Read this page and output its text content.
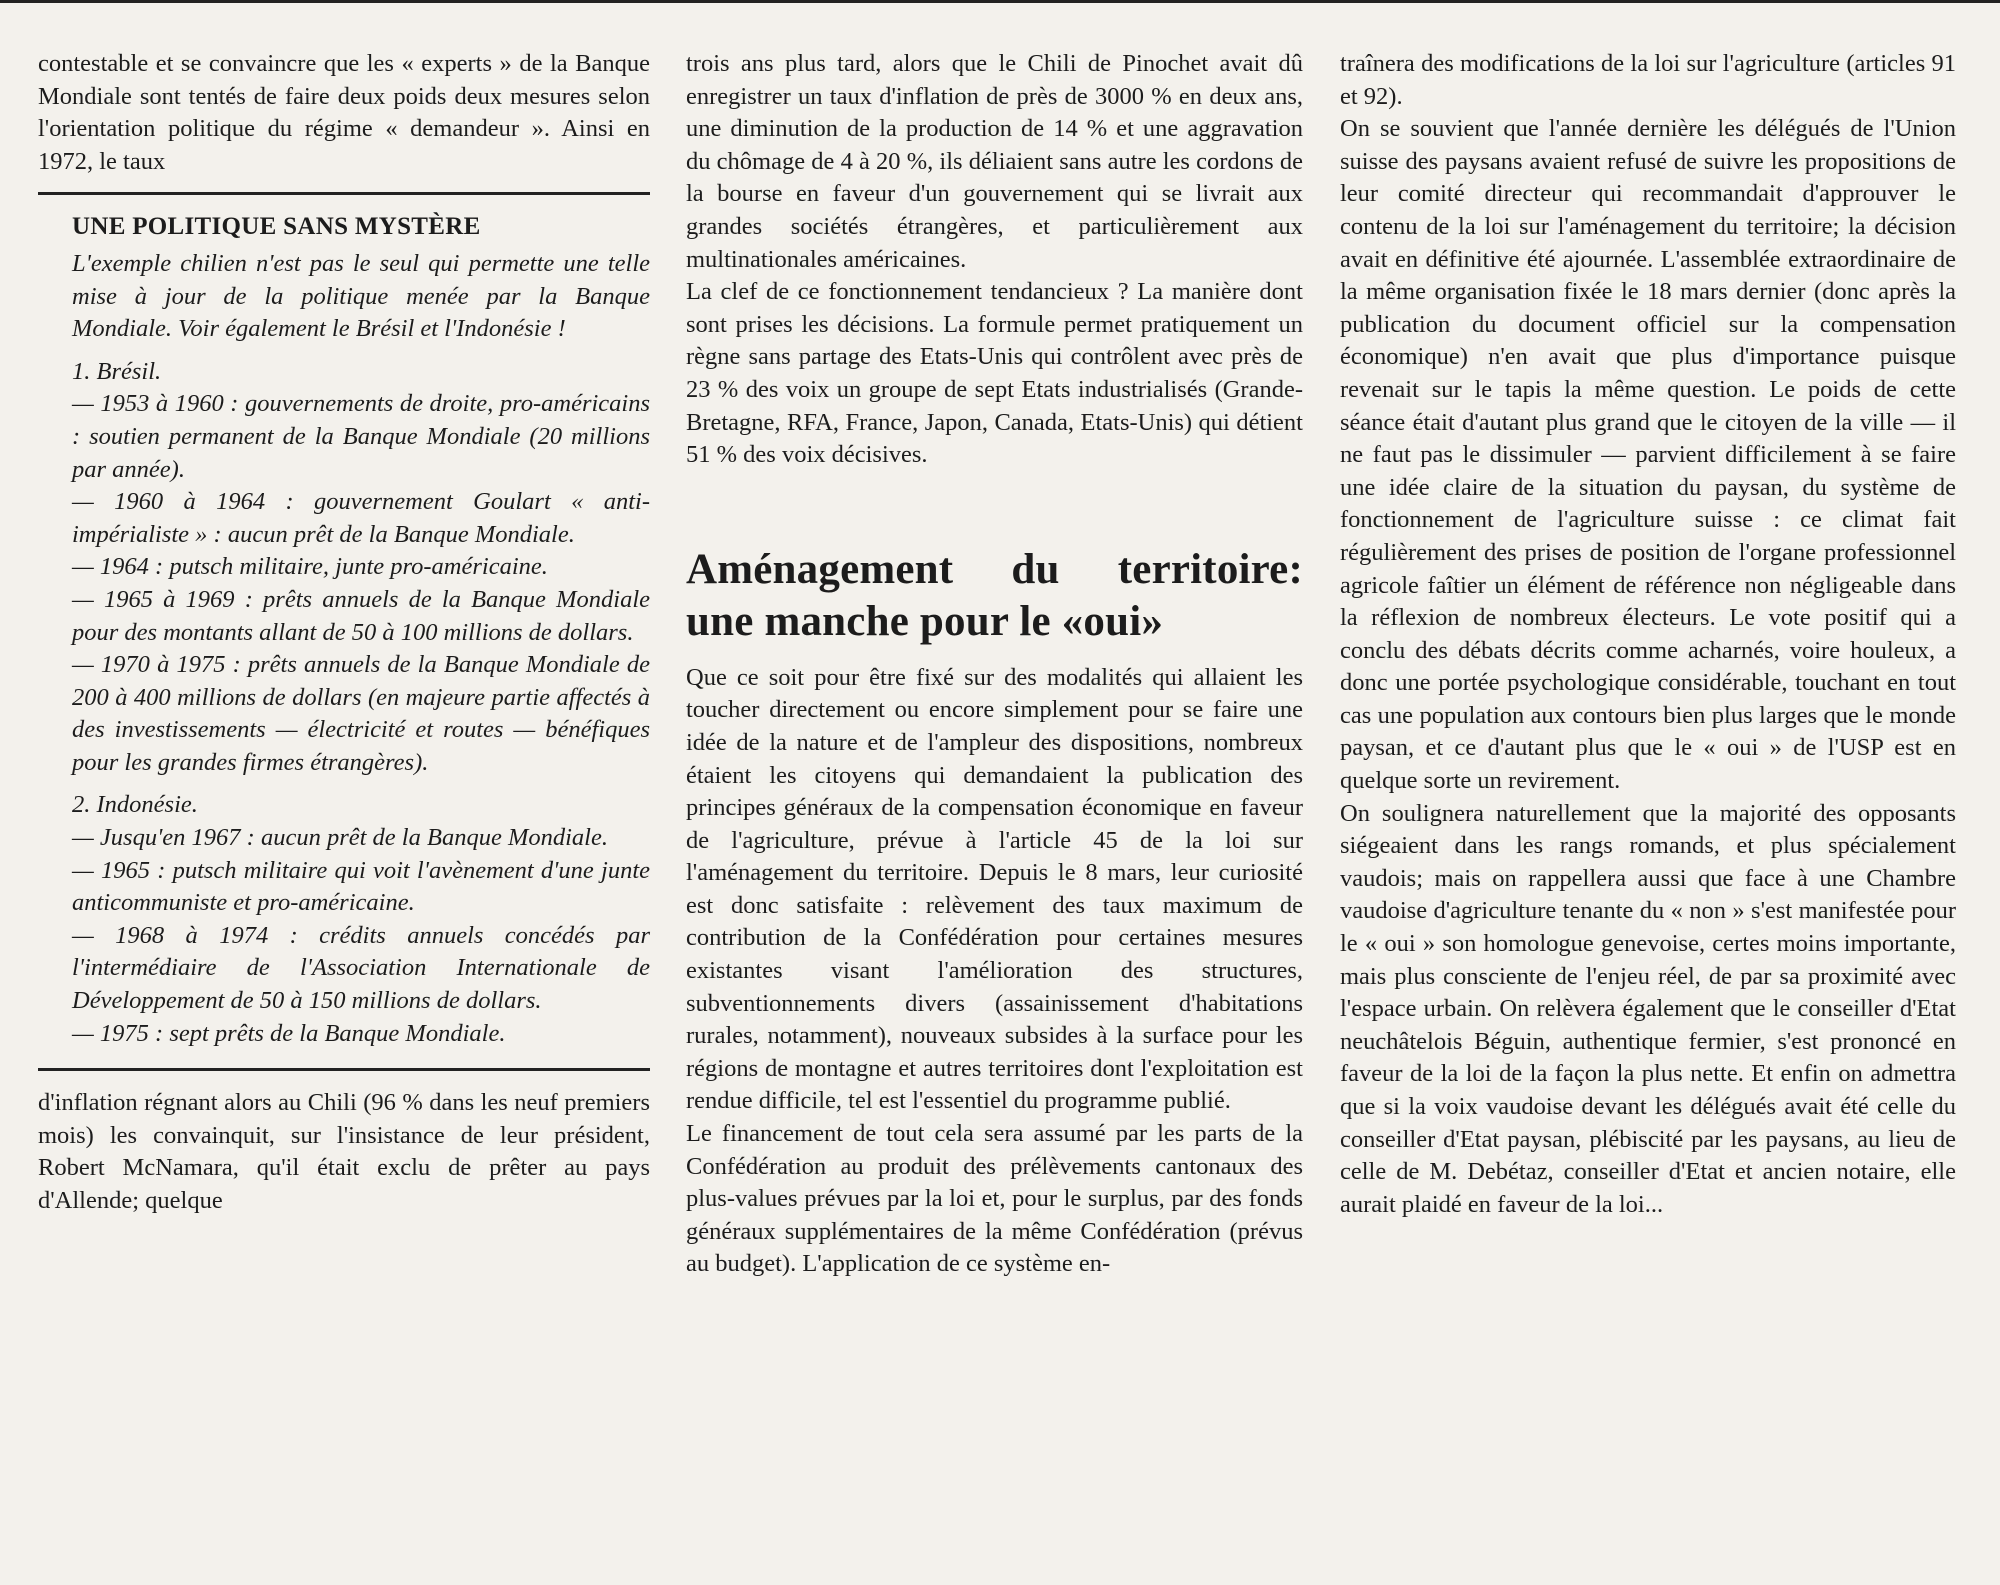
contestable et se convaincre que les « experts » de la Banque Mondiale sont tentés de faire deux poids deux mesures selon l'orientation politique du régime « demandeur ». Ainsi en 1972, le taux

UNE POLITIQUE SANS MYSTÈRE

L'exemple chilien n'est pas le seul qui permette une telle mise à jour de la politique menée par la Banque Mondiale. Voir également le Brésil et l'Indonésie !

1. Brésil.

— 1953 à 1960 : gouvernements de droite, pro-américains : soutien permanent de la Banque Mondiale (20 millions par année).

— 1960 à 1964 : gouvernement Goulart « anti-impérialiste » : aucun prêt de la Banque Mondiale.

— 1964 : putsch militaire, junte pro-américaine.

— 1965 à 1969 : prêts annuels de la Banque Mondiale pour des montants allant de 50 à 100 millions de dollars.

— 1970 à 1975 : prêts annuels de la Banque Mondiale de 200 à 400 millions de dollars (en majeure partie affectés à des investissements — électricité et routes — bénéfiques pour les grandes firmes étrangères).

2. Indonésie.

— Jusqu'en 1967 : aucun prêt de la Banque Mondiale.

— 1965 : putsch militaire qui voit l'avènement d'une junte anticommuniste et pro-américaine.

— 1968 à 1974 : crédits annuels concédés par l'intermédiaire de l'Association Internationale de Développement de 50 à 150 millions de dollars.

— 1975 : sept prêts de la Banque Mondiale.

d'inflation régnant alors au Chili (96 % dans les neuf premiers mois) les convainquit, sur l'insistance de leur président, Robert McNamara, qu'il était exclu de prêter au pays d'Allende; quelque

trois ans plus tard, alors que le Chili de Pinochet avait dû enregistrer un taux d'inflation de près de 3000 % en deux ans, une diminution de la production de 14 % et une aggravation du chômage de 4 à 20 %, ils déliaient sans autre les cordons de la bourse en faveur d'un gouvernement qui se livrait aux grandes sociétés étrangères, et particulièrement aux multinationales américaines.

La clef de ce fonctionnement tendancieux ? La manière dont sont prises les décisions. La formule permet pratiquement un règne sans partage des Etats-Unis qui contrôlent avec près de 23 % des voix un groupe de sept Etats industrialisés (Grande-Bretagne, RFA, France, Japon, Canada, Etats-Unis) qui détient 51 % des voix décisives.

Aménagement du territoire:
une manche pour le «oui»

Que ce soit pour être fixé sur des modalités qui allaient les toucher directement ou encore simplement pour se faire une idée de la nature et de l'ampleur des dispositions, nombreux étaient les citoyens qui demandaient la publication des principes généraux de la compensation économique en faveur de l'agriculture, prévue à l'article 45 de la loi sur l'aménagement du territoire. Depuis le 8 mars, leur curiosité est donc satisfaite : relèvement des taux maximum de contribution de la Confédération pour certaines mesures existantes visant l'amélioration des structures, subventionnements divers (assainissement d'habitations rurales, notamment), nouveaux subsides à la surface pour les régions de montagne et autres territoires dont l'exploitation est rendue difficile, tel est l'essentiel du programme publié.

Le financement de tout cela sera assumé par les parts de la Confédération au produit des prélèvements cantonaux des plus-values prévues par la loi et, pour le surplus, par des fonds généraux supplémentaires de la même Confédération (prévus au budget). L'application de ce système en-

traînera des modifications de la loi sur l'agriculture (articles 91 et 92).

On se souvient que l'année dernière les délégués de l'Union suisse des paysans avaient refusé de suivre les propositions de leur comité directeur qui recommandait d'approuver le contenu de la loi sur l'aménagement du territoire; la décision avait en définitive été ajournée. L'assemblée extraordinaire de la même organisation fixée le 18 mars dernier (donc après la publication du document officiel sur la compensation économique) n'en avait que plus d'importance puisque revenait sur le tapis la même question. Le poids de cette séance était d'autant plus grand que le citoyen de la ville — il ne faut pas le dissimuler — parvient difficilement à se faire une idée claire de la situation du paysan, du système de fonctionnement de l'agriculture suisse : ce climat fait régulièrement des prises de position de l'organe professionnel agricole faîtier un élément de référence non négligeable dans la réflexion de nombreux électeurs. Le vote positif qui a conclu des débats décrits comme acharnés, voire houleux, a donc une portée psychologique considérable, touchant en tout cas une population aux contours bien plus larges que le monde paysan, et ce d'autant plus que le « oui » de l'USP est en quelque sorte un revirement.

On soulignera naturellement que la majorité des opposants siégeaient dans les rangs romands, et plus spécialement vaudois; mais on rappellera aussi que face à une Chambre vaudoise d'agriculture tenante du « non » s'est manifestée pour le « oui » son homologue genevoise, certes moins importante, mais plus consciente de l'enjeu réel, de par sa proximité avec l'espace urbain. On relèvera également que le conseiller d'Etat neuchâtelois Béguin, authentique fermier, s'est prononcé en faveur de la loi de la façon la plus nette. Et enfin on admettra que si la voix vaudoise devant les délégués avait été celle du conseiller d'Etat paysan, plébiscité par les paysans, au lieu de celle de M. Debétaz, conseiller d'Etat et ancien notaire, elle aurait plaidé en faveur de la loi...
